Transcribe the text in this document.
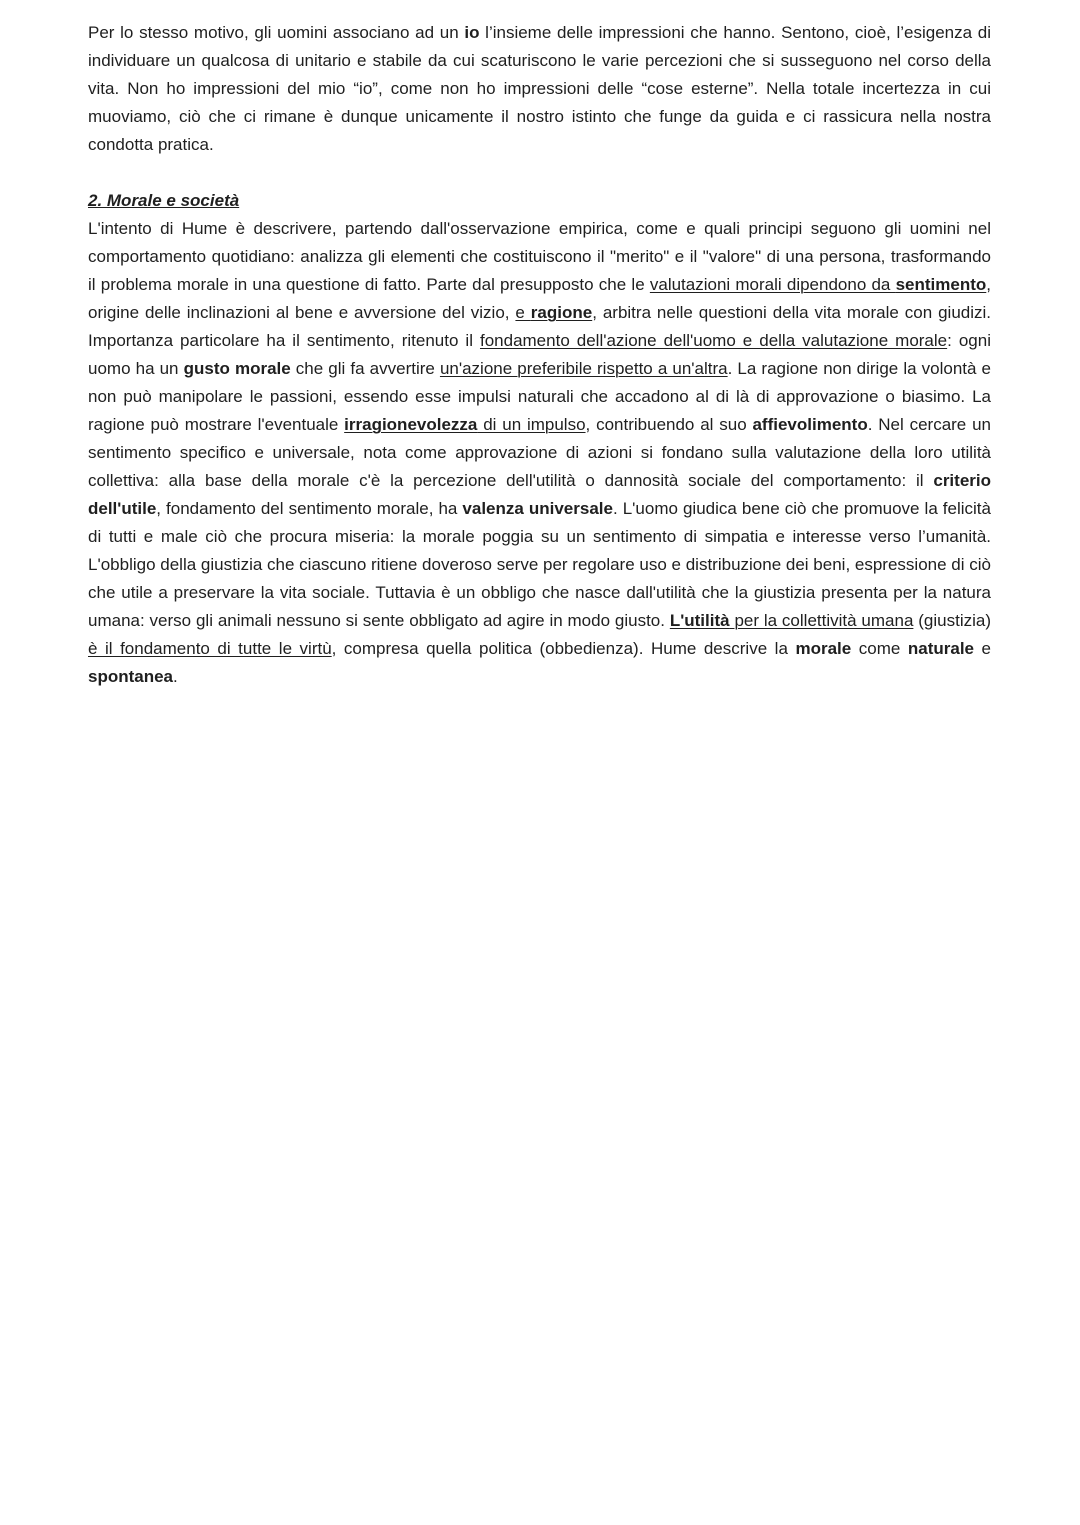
Per lo stesso motivo, gli uomini associano ad un io l’insieme delle impressioni che hanno. Sentono, cioè, l’esigenza di individuare un qualcosa di unitario e stabile da cui scaturiscono le varie percezioni che si susseguono nel corso della vita. Non ho impressioni del mio “io”, come non ho impressioni delle “cose esterne”. Nella totale incertezza in cui muoviamo, ciò che ci rimane è dunque unicamente il nostro istinto che funge da guida e ci rassicura nella nostra condotta pratica.

2. Morale e società

L'intento di Hume è descrivere, partendo dall'osservazione empirica, come e quali principi seguono gli uomini nel comportamento quotidiano: analizza gli elementi che costituiscono il "merito" e il "valore" di una persona, trasformando il problema morale in una questione di fatto. Parte dal presupposto che le valutazioni morali dipendono da sentimento, origine delle inclinazioni al bene e avversione del vizio, e ragione, arbitra nelle questioni della vita morale con giudizi. Importanza particolare ha il sentimento, ritenuto il fondamento dell'azione dell'uomo e della valutazione morale: ogni uomo ha un gusto morale che gli fa avvertire un'azione preferibile rispetto a un'altra. La ragione non dirige la volontà e non può manipolare le passioni, essendo esse impulsi naturali che accadono al di là di approvazione o biasimo. La ragione può mostrare l'eventuale irragionevolezza di un impulso, contribuendo al suo affievolimento. Nel cercare un sentimento specifico e universale, nota come approvazione di azioni si fondano sulla valutazione della loro utilità collettiva: alla base della morale c'è la percezione dell'utilità o dannosità sociale del comportamento: il criterio dell'utile, fondamento del sentimento morale, ha valenza universale. L'uomo giudica bene ciò che promuove la felicità di tutti e male ciò che procura miseria: la morale poggia su un sentimento di simpatia e interesse verso l’umanità. L'obbligo della giustizia che ciascuno ritiene doveroso serve per regolare uso e distribuzione dei beni, espressione di ciò che utile a preservare la vita sociale. Tuttavia è un obbligo che nasce dall'utilità che la giustizia presenta per la natura umana: verso gli animali nessuno si sente obbligato ad agire in modo giusto. L'utilità per la collettività umana (giustizia) è il fondamento di tutte le virtù, compresa quella politica (obbedienza). Hume descrive la morale come naturale e spontanea.
